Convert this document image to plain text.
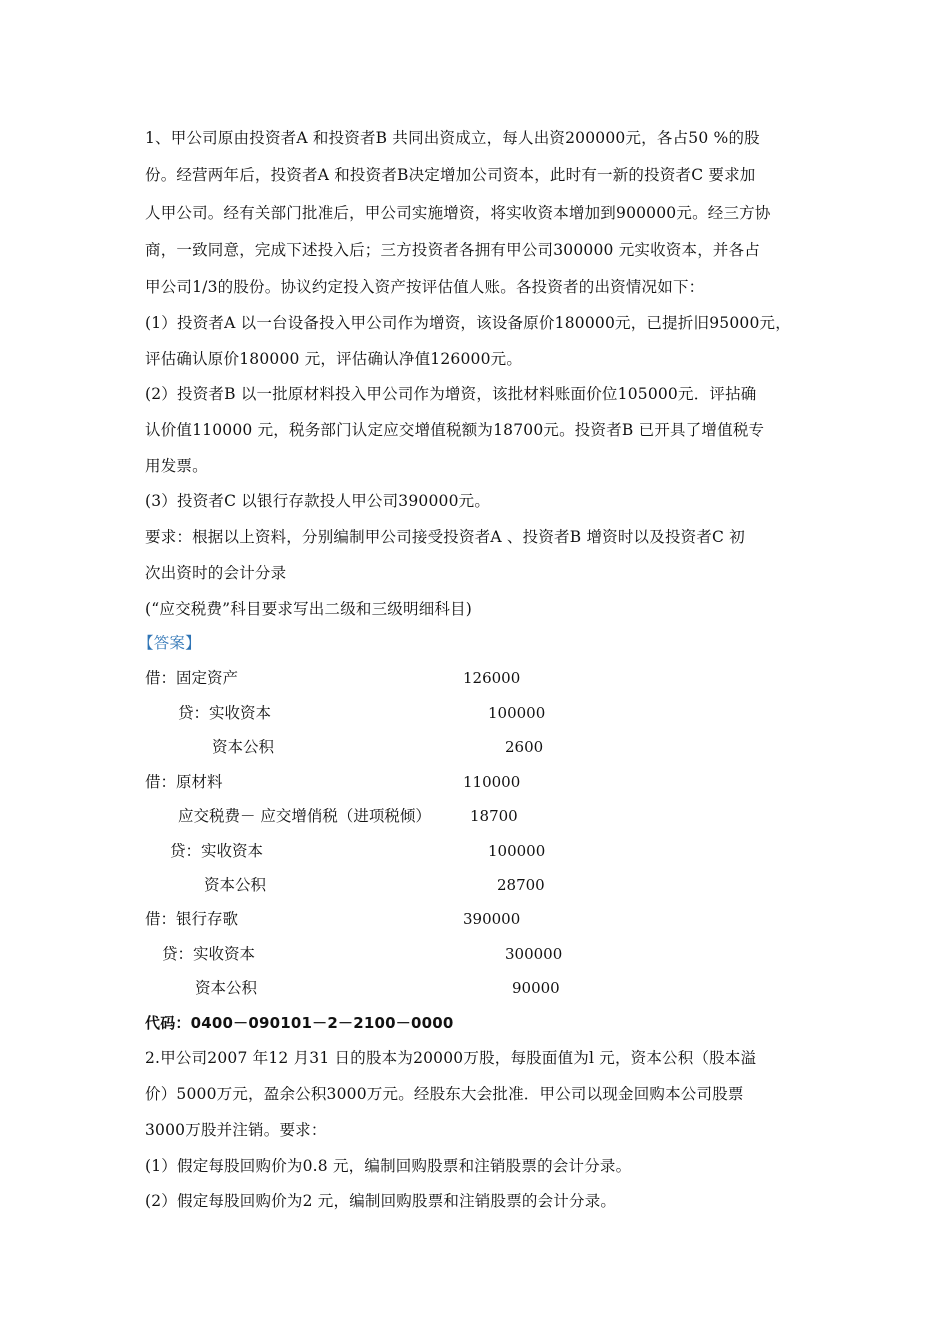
1、甲公司原由投资者A 和投资者B 共同出资成立，每人出资200000元，各占50 %的股
份。经营两年后，投资者A 和投资者B决定增加公司资本，此时有一新的投资者C 要求加
人甲公司。经有关部门批准后，甲公司实施增资，将实收资本增加到900000元。经三方协
商，一致同意，完成下述投入后；三方投资者各拥有甲公司300000 元实收资本，并各占
甲公司1/3的股份。协议约定投入资产按评估值人账。各投资者的出资情况如下：
(1）投资者A 以一台设备投入甲公司作为增资，该设备原价180000元，已提折旧95000元，
评估确认原价180000 元，评估确认净值126000元。
(2）投资者B 以一批原材料投入甲公司作为增资，该批材料账面价位105000元．评拈确
认价值110000 元，税务部门认定应交增值税额为18700元。投资者B 已开具了增值税专
用发票。
(3）投资者C 以银行存款投人甲公司390000元。
要求：根据以上资料，分别编制甲公司接受投资者A 、投资者B 增资时以及投资者C 初
次出资时的会计分录
(“应交税费”科目要求写出二级和三级明细科目)
【答案】
借：固定资产	126000
贷：实收资本	100000
资本公积	2600
借：原材料	110000
应交税费－ 应交增俏税（进项税倾）	18700
贷：实收资本	100000
资本公积	28700
借：银行存歌	390000
贷：实收资本	300000
资本公积	90000
代码：0400－090101－2－2100－0000
2.甲公司2007 年12 月31 日的股本为20000万股，每股面值为l 元，资本公积（股本溢
价）5000万元，盈余公积3000万元。经股东大会批准．甲公司以现金回购本公司股票
3000万股并注销。要求：
(1）假定每股回购价为0.8 元，编制回购股票和注销股票的会计分录。
(2）假定每股回购价为2 元，编制回购股票和注销股票的会计分录。
